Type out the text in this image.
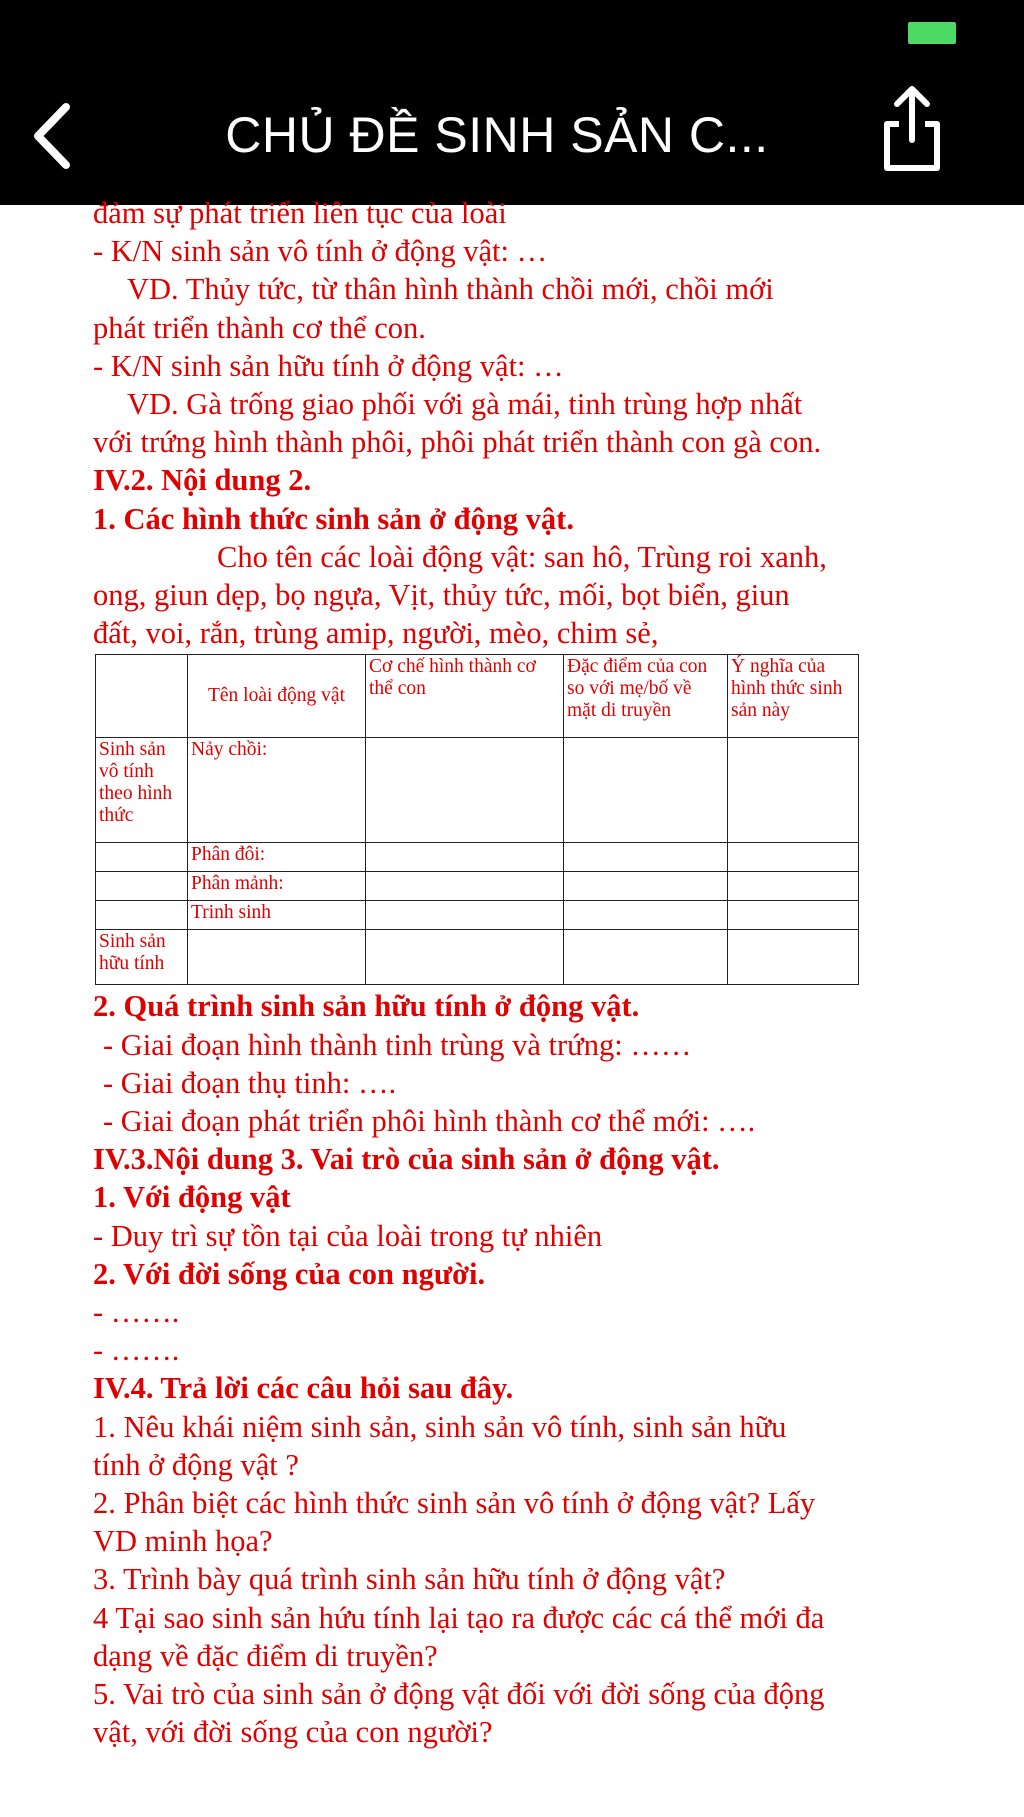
CHỦ ĐỀ SINH SẢN C...

đảm sự phát triển liên tục của loài

- K/N sinh sản vô tính ở động vật: …

VD. Thủy tức, từ thân hình thành chồi mới, chồi mới

phát triển thành cơ thể con.

- K/N sinh sản hữu tính ở động vật: …

VD. Gà trống giao phối với gà mái, tinh trùng hợp nhất

với trứng hình thành phôi, phôi phát triển thành con gà con.

IV.2. Nội dung 2.

1. Các hình thức sinh sản ở động vật.

Cho tên các loài động vật: san hô, Trùng roi xanh,

ong, giun dẹp, bọ ngựa, Vịt, thủy tức, mối, bọt biển, giun

đất, voi, rắn, trùng amip, người, mèo, chim sẻ,

	Tên loài động vật	Cơ chế hình thành cơ thể con	Đặc điểm của con so với mẹ/bố về mặt di truyền	Ý nghĩa của hình thức sinh sản này
Sinh sản vô tính theo hình thức	Nảy chồi:			
	Phân đôi:			
	Phân mảnh:			
	Trinh sinh			
Sinh sản hữu tính				

2. Quá trình sinh sản hữu tính ở động vật.

- Giai đoạn hình thành tinh trùng và trứng: ……

- Giai đoạn thụ tinh: ….

- Giai đoạn phát triển phôi hình thành cơ thể mới: ….

IV.3.Nội dung 3. Vai trò của sinh sản ở động vật.

1. Với động vật

- Duy trì sự tồn tại của loài trong tự nhiên

2. Với đời sống của con người.

- …….

- …….

IV.4. Trả lời các câu hỏi sau đây.

1. Nêu khái niệm sinh sản, sinh sản vô tính, sinh sản hữu

tính ở động vật ?

2. Phân biệt các hình thức sinh sản vô tính ở động vật? Lấy

VD minh họa?

3. Trình bày quá trình sinh sản hữu tính ở động vật?

4 Tại sao sinh sản hứu tính lại tạo ra được các cá thể mới đa

dạng về đặc điểm di truyền?

5. Vai trò của sinh sản ở động vật đối với đời sống của động

vật, với đời sống của con người?
